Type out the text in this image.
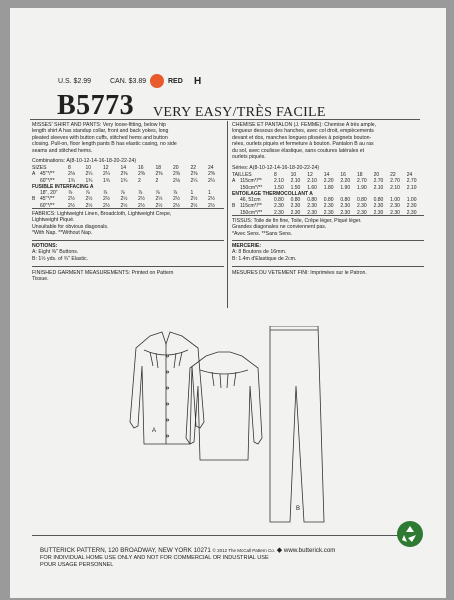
U.S. $2.99	CAN. $3.89	RED H
B5773 VERY EASY/TRÈS FACILE
MISSES' SHIRT AND PANTS: Very loose-fitting, below hip
length shirt A has standup collar, front and back yokes, long
pleated sleeves with button cuffs, stitched hems and button
closing. Pull-on, floor length pants B has elastic casing, no side
seams and stitched hems.
Combinations: A(8-10-12-14-16-18-20-22-24)
SIZES	8	10	12	14	16	18	20	22	24
A 45"*/**	2⅛	2¼	2¼	2⅜	2⅜	2⅜	2⅜	2⅜	2⅜
60"*/**	1¾	1¾	1¾	1¾	2	2	2⅛	2¼	2¼
FUSIBLE INTERFACING A
18", 20"	⅞	⅞	⅞	⅞	⅞	⅞	⅞	1	1
B 45"*/**	2½	2½	2½	2½	2½	2½	2½	2½	2½
60"*/**	2½	2½	2½	2½	2½	2½	2½	2½	2½
FABRICS: Lightweight Linen, Broadcloth, Lightweight Crepe,
Lightweight Piqué.
Unsuitable for obvious diagonals.
*With Nap. **Without Nap.
NOTIONS:
A: Eight ⅜" Buttons.
B: 1½ yds. of ¾" Elastic.
FINISHED GARMENT MEASUREMENTS: Printed on Pattern
Tissue.
CHEMISE ET PANTALON (J. FEMME): Chemise A très ample,
longueur dessous des hanches, avec col droit, empiècements
devant et dos, manches longues plissées à poignets bouton-
nées, ourlets piqués et fermeture à bouton. Pantalon B au ras
du sol, avec coulisse élastique, sans coutures latérales et
ourlets piqués.
Séries: A(8-10-12-14-16-18-20-22-24)
TAILLES	8	10	12	14	16	18	20	22	24
A 115cm*/**	2.10	2.10	2.10	2.20	2.20	2.70	2.70	2.70	2.70
150cm*/**	1.50	1.50	1.60	1.80	1.90	1.90	2.10	2.10	2.10
ENTOILAGE THERMOCOLLANT A
46, 51cm	0.80	0.80	0.80	0.80	0.80	0.80	0.80	1.00	1.00
B 115cm*/**	2.30	2.30	2.30	2.30	2.30	2.30	2.30	2.30	2.30
150cm*/**	2.30	2.30	2.30	2.30	2.30	2.30	2.30	2.30	2.30
TISSUS: Toile de fin fine, Toile, Crêpe léger, Piqué léger.
Grandes diagonales ne conviennent pas.
*Avec Sens. **Sans Sens.
MERCERIE:
A: 8 Boutons de 16mm.
B: 1.4m d'Elastique de 2cm.
MESURES DU VETEMENT FINI: Imprimées sur le Patron.
A
B
BUTTERICK PATTERN, 120 BROADWAY, NEW YORK 10271 © 2012 The McCall Pattern Co. ◆ www.butterick.com
FOR INDIVIDUAL HOME USE ONLY AND NOT FOR COMMERCIAL OR INDUSTRIAL USE
POUR USAGE PERSONNEL
